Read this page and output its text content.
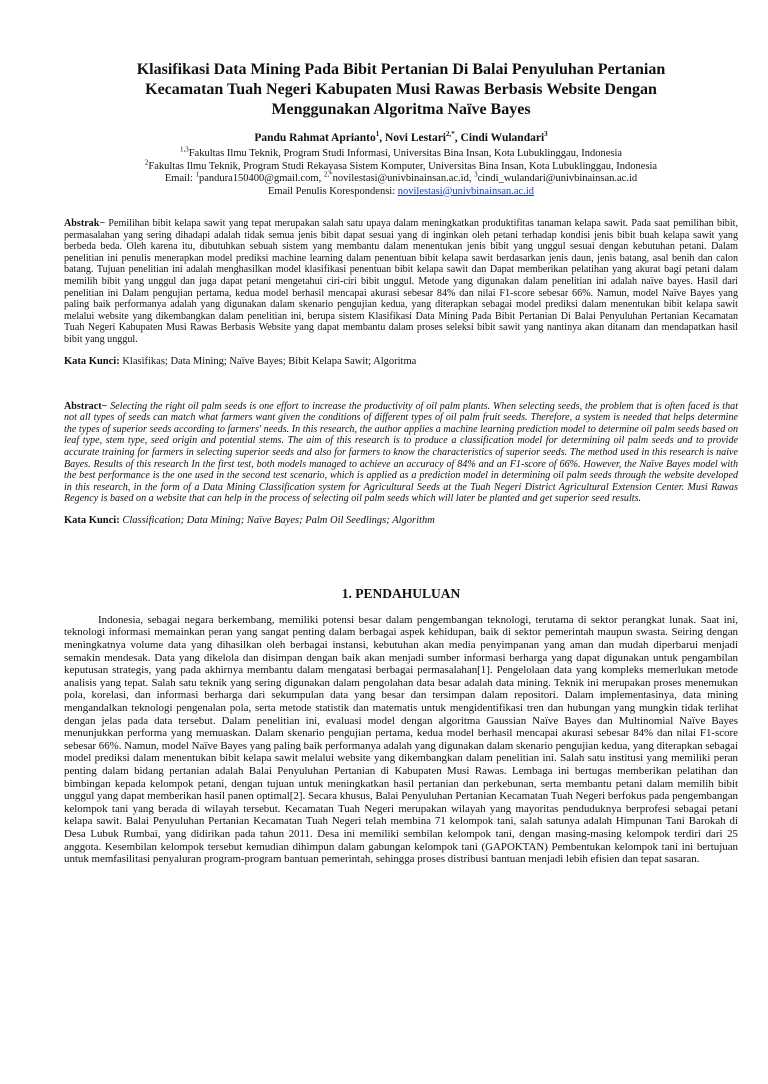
Klasifikasi Data Mining Pada Bibit Pertanian Di Balai Penyuluhan Pertanian
Kecamatan Tuah Negeri Kabupaten Musi Rawas Berbasis Website Dengan
Menggunakan Algoritma Naïve Bayes
Pandu Rahmat Aprianto$^1$, Novi Lestari$^{2,*}$, Cindi Wulandari$^3$
$^{1,3}$Fakultas Ilmu Teknik, Program Studi Informasi, Universitas Bina Insan, Kota Lubuklinggau, Indonesia
$^2$Fakultas Ilmu Teknik, Program Studi Rekayasa Sistem Komputer, Universitas Bina Insan, Kota Lubuklinggau, Indonesia
Email: $^1$pandura150400@gmail.com, $^{2,*}$novilestasi@univbinainsan.ac.id, $^3$cindi_wulandari@univbinainsan.ac.id
Email Penulis Korespondensi: novilestasi@univbinainsan.ac.id
Abstrak− Pemilihan bibit kelapa sawit yang tepat merupakan salah satu upaya dalam meningkatkan produktifitas tanaman kelapa sawit. Pada saat pemilihan bibit, permasalahan yang sering dihadapi adalah tidak semua jenis bibit dapat sesuai yang di inginkan oleh petani terhadap kondisi jenis bibit buah kelapa sawit yang berbeda beda. Oleh karena itu, dibutuhkan sebuah sistem yang membantu dalam menentukan jenis bibit yang unggul sesuai dengan kebutuhan petani. Dalam penelitian ini penulis menerapkan model prediksi machine learning dalam penentuan bibit kelapa sawit berdasarkan jenis daun, jenis batang, asal benih dan calon batang. Tujuan penelitian ini adalah menghasilkan model klasifikasi penentuan bibit kelapa sawit dan Dapat memberikan pelatihan yang akurat bagi petani dalam memilih bibit yang unggul dan juga dapat petani mengetahui ciri-ciri bibit unggul. Metode yang digunakan dalam penelitian ini adalah naïve bayes. Hasil dari penelitian ini Dalam pengujian pertama, kedua model berhasil mencapai akurasi sebesar 84% dan nilai F1-score sebesar 66%. Namun, model Naïve Bayes yang paling baik performanya adalah yang digunakan dalam skenario pengujian kedua, yang diterapkan sebagai model prediksi dalam menentukan bibit kelapa sawit melalui website yang dikembangkan dalam penelitian ini, berupa sistem Klasifikasi Data Mining Pada Bibit Pertanian Di Balai Penyuluhan Pertanian Kecamatan Tuah Negeri Kabupaten Musi Rawas Berbasis Website yang dapat membantu dalam proses seleksi bibit sawit yang nantinya akan ditanam dan mendapatkan hasil bibit yang unggul.
Kata Kunci: Klasifikas; Data Mining; Naïve Bayes; Bibit Kelapa Sawit; Algoritma
Abstract− Selecting the right oil palm seeds is one effort to increase the productivity of oil palm plants. When selecting seeds, the problem that is often faced is that not all types of seeds can match what farmers want given the conditions of different types of oil palm fruit seeds. Therefore, a system is needed that helps determine the types of superior seeds according to farmers' needs. In this research, the author applies a machine learning prediction model to determine oil palm seeds based on leaf type, stem type, seed origin and potential stems. The aim of this research is to produce a classification model for determining oil palm seeds and to provide accurate training for farmers in selecting superior seeds and also for farmers to know the characteristics of superior seeds. The method used in this research is naive Bayes. Results of this research In the first test, both models managed to achieve an accuracy of 84% and an F1-score of 66%. However, the Naïve Bayes model with the best performance is the one used in the second test scenario, which is applied as a prediction model in determining oil palm seeds through the website developed in this research, in the form of a Data Mining Classification system for Agricultural Seeds at the Tuah Negeri District Agricultural Extension Center. Musi Rawas Regency is based on a website that can help in the process of selecting oil palm seeds which will later be planted and get superior seed results.
Kata Kunci: Classification; Data Mining; Naïve Bayes; Palm Oil Seedlings; Algorithm
1. PENDAHULUAN
Indonesia, sebagai negara berkembang, memiliki potensi besar dalam pengembangan teknologi, terutama di sektor perangkat lunak. Saat ini, teknologi informasi memainkan peran yang sangat penting dalam berbagai aspek kehidupan, baik di sektor pemerintah maupun swasta. Seiring dengan meningkatnya volume data yang dihasilkan oleh berbagai instansi, kebutuhan akan media penyimpanan yang aman dan mudah diperbarui menjadi semakin mendesak. Data yang dikelola dan disimpan dengan baik akan menjadi sumber informasi berharga yang dapat digunakan untuk pengambilan keputusan strategis, yang pada akhirnya membantu dalam mengatasi berbagai permasalahan[1]. Pengelolaan data yang kompleks memerlukan metode analisis yang tepat. Salah satu teknik yang sering digunakan dalam pengolahan data besar adalah data mining. Teknik ini merupakan proses menemukan pola, korelasi, dan informasi berharga dari sekumpulan data yang besar dan tersimpan dalam repositori. Dalam implementasinya, data mining mengandalkan teknologi pengenalan pola, serta metode statistik dan matematis untuk mengidentifikasi tren dan hubungan yang mungkin tidak terlihat dengan jelas pada data tersebut. Dalam penelitian ini, evaluasi model dengan algoritma Gaussian Naïve Bayes dan Multinomial Naïve Bayes menunjukkan performa yang memuaskan. Dalam skenario pengujian pertama, kedua model berhasil mencapai akurasi sebesar 84% dan nilai F1-score sebesar 66%. Namun, model Naïve Bayes yang paling baik performanya adalah yang digunakan dalam skenario pengujian kedua, yang diterapkan sebagai model prediksi dalam menentukan bibit kelapa sawit melalui website yang dikembangkan dalam penelitian ini. Salah satu institusi yang memiliki peran penting dalam bidang pertanian adalah Balai Penyuluhan Pertanian di Kabupaten Musi Rawas. Lembaga ini bertugas memberikan pelatihan dan bimbingan kepada kelompok petani, dengan tujuan untuk meningkatkan hasil pertanian dan perkebunan, serta membantu petani dalam memilih bibit unggul yang dapat memberikan hasil panen optimal[2]. Secara khusus, Balai Penyuluhan Pertanian Kecamatan Tuah Negeri berfokus pada pengembangan kelompok tani yang berada di wilayah tersebut. Kecamatan Tuah Negeri merupakan wilayah yang mayoritas penduduknya berprofesi sebagai petani kelapa sawit. Balai Penyuluhan Pertanian Kecamatan Tuah Negeri telah membina 71 kelompok tani, salah satunya adalah Himpunan Tani Barokah di Desa Lubuk Rumbai, yang didirikan pada tahun 2011. Desa ini memiliki sembilan kelompok tani, dengan masing-masing kelompok terdiri dari 25 anggota. Kesembilan kelompok tersebut kemudian dihimpun dalam gabungan kelompok tani (GAPOKTAN) Pembentukan kelompok tani ini bertujuan untuk memfasilitasi penyaluran program-program bantuan pemerintah, sehingga proses distribusi bantuan menjadi lebih efisien dan tepat sasaran.
